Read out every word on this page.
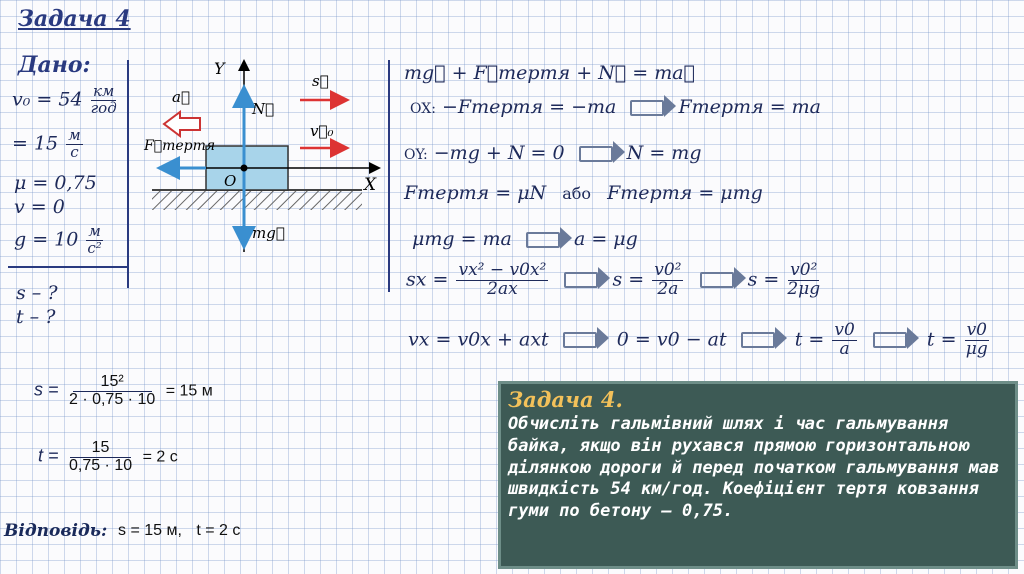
Задача 4
Дано:
$v_0 = 54 \frac{км}{\text{год}}$
= $15 \frac{м}{с}$
μ = 0,75
v = 0
$g = 10 \frac{м}{\text{с²}}$
s – ?
t – ?
Y
X
O
a⃗
F⃗тертя
N⃗
s⃗
v⃗₀
mg⃗
mg⃗ + F⃗тертя + N⃗ = ma⃗
OX: −Fтертя = −ma	Fтертя = ma
OY: −mg + N = 0	N = mg
Fтертя = μN або Fтертя = μmg
μmg = ma	a = μg
sx = $\frac{\text{vx² − v0x²}}{2ax}$	$s = \frac{\text{v0²}}{2a}$	$s = \frac{\text{v0²}}{2\mu g}$
vx = v0x + axt	0 = v0 − at	$t = \frac{v0}{a}$	$t = \frac{v0}{\mu g}$
$s = \frac{\text{15²}}{2 \cdot 0,75 \cdot 10} = 15$ м
$t = \frac{15}{0,75 \cdot 10} = 2$ с
Відповідь: s = 15 м, t = 2 с
Задача 4.
Обчисліть гальмівний шлях і час гальмування байка, якщо він рухався прямою горизонтальною ділянкою дороги й перед початком гальмування мав швидкість 54 км/год. Коефіцієнт тертя ковзання гуми по бетону – 0,75.
